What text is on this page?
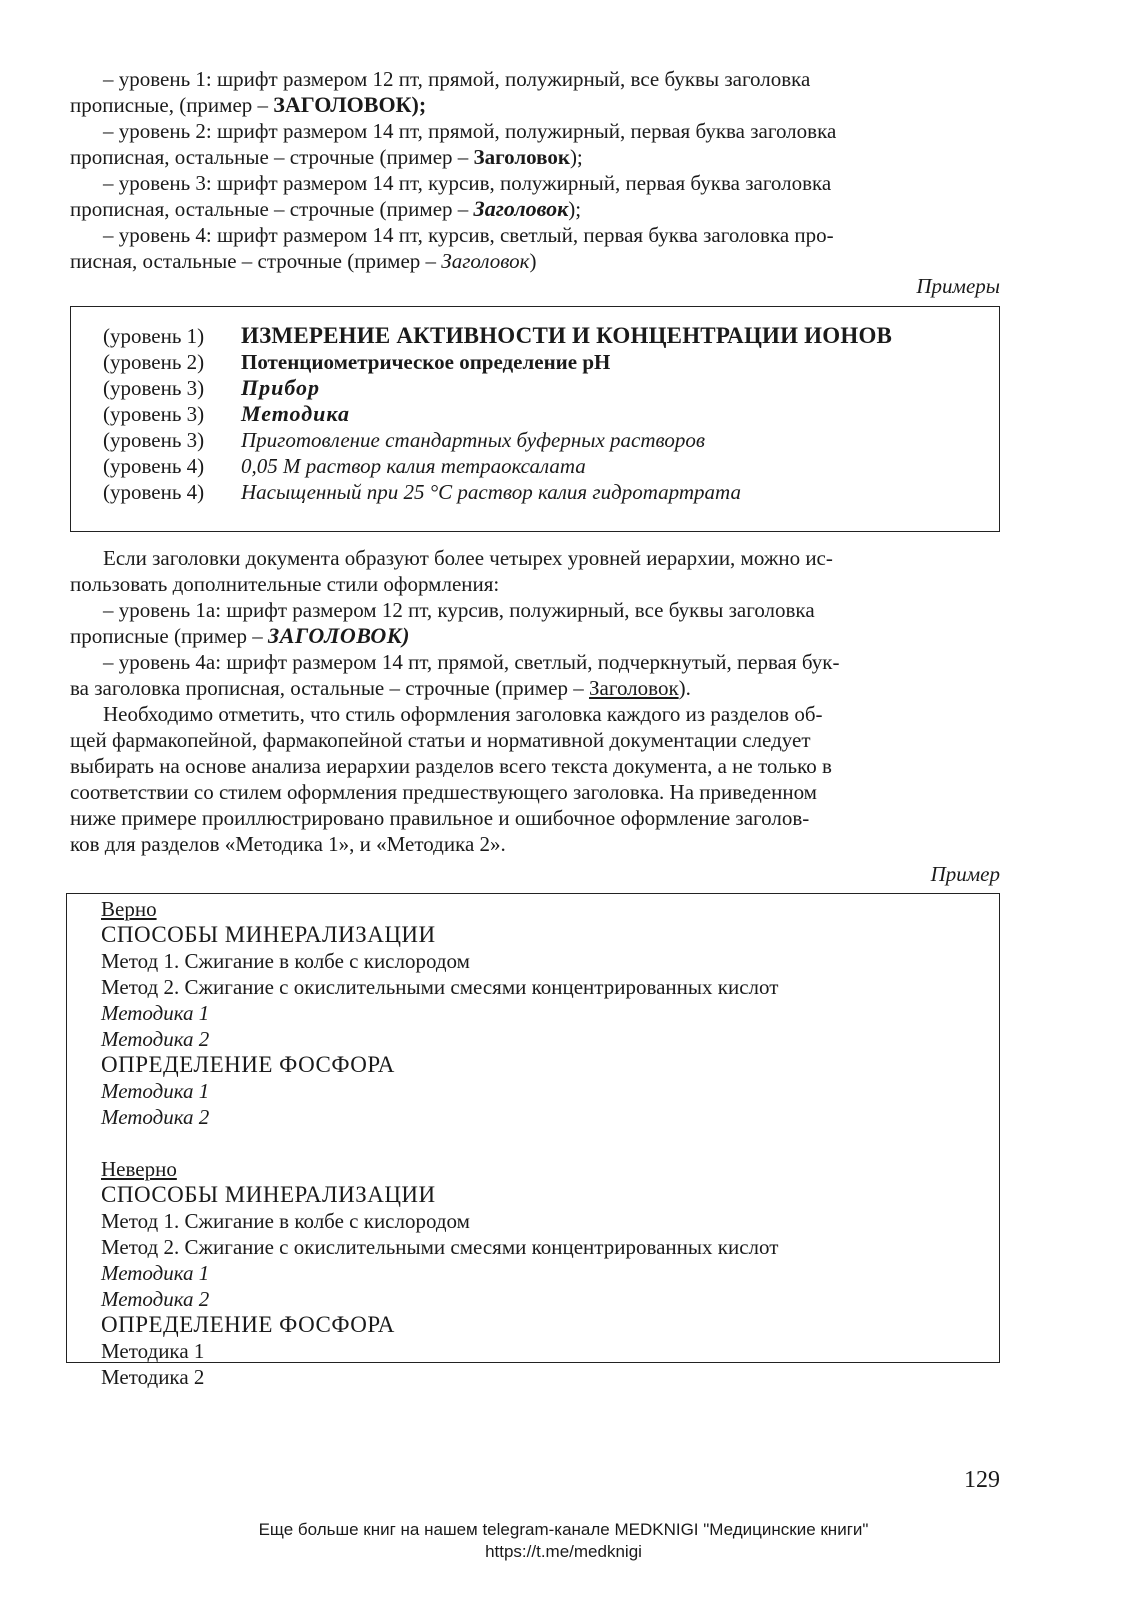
– уровень 1: шрифт размером 12 пт, прямой, полужирный, все буквы заголовка
прописные, (пример – ЗАГОЛОВОК);
– уровень 2: шрифт размером 14 пт, прямой, полужирный, первая буква заголовка
прописная, остальные – строчные (пример – Заголовок);
– уровень 3: шрифт размером 14 пт, курсив, полужирный, первая буква заголовка
прописная, остальные – строчные (пример – Заголовок);
– уровень 4: шрифт размером 14 пт, курсив, светлый, первая буква заголовка про-
писная, остальные – строчные (пример – Заголовок)
Примеры
(уровень 1)	ИЗМЕРЕНИЕ АКТИВНОСТИ И КОНЦЕНТРАЦИИ ИОНОВ
(уровень 2)	Потенциометрическое определение pH
(уровень 3)	Прибор
(уровень 3)	Методика
(уровень 3)	Приготовление стандартных буферных растворов
(уровень 4)	0,05 М раствор калия тетраоксалата
(уровень 4)	Насыщенный при 25 °С раствор калия гидротартрата
Если заголовки документа образуют более четырех уровней иерархии, можно ис-
пользовать дополнительные стили оформления:
– уровень 1а: шрифт размером 12 пт, курсив, полужирный, все буквы заголовка
прописные (пример – ЗАГОЛОВОК)
– уровень 4а: шрифт размером 14 пт, прямой, светлый, подчеркнутый, первая бук-
ва заголовка прописная, остальные – строчные (пример – Заголовок).
Необходимо отметить, что стиль оформления заголовка каждого из разделов об-
щей фармакопейной, фармакопейной статьи и нормативной документации следует
выбирать на основе анализа иерархии разделов всего текста документа, а не только в
соответствии со стилем оформления предшествующего заголовка. На приведенном
ниже примере проиллюстрировано правильное и ошибочное оформление заголов-
ков для разделов «Методика 1», и «Методика 2».
Пример
Верно
СПОСОБЫ МИНЕРАЛИЗАЦИИ
Метод 1. Сжигание в колбе с кислородом
Метод 2. Сжигание с окислительными смесями концентрированных кислот
Методика 1
Методика 2
ОПРЕДЕЛЕНИЕ ФОСФОРА
Методика 1
Методика 2
Неверно
СПОСОБЫ МИНЕРАЛИЗАЦИИ
Метод 1. Сжигание в колбе с кислородом
Метод 2. Сжигание с окислительными смесями концентрированных кислот
Методика 1
Методика 2
ОПРЕДЕЛЕНИЕ ФОСФОРА
Методика 1
Методика 2
129
Еще больше книг на нашем telegram-канале MEDKNIGI "Медицинские книги"
https://t.me/medknigi
